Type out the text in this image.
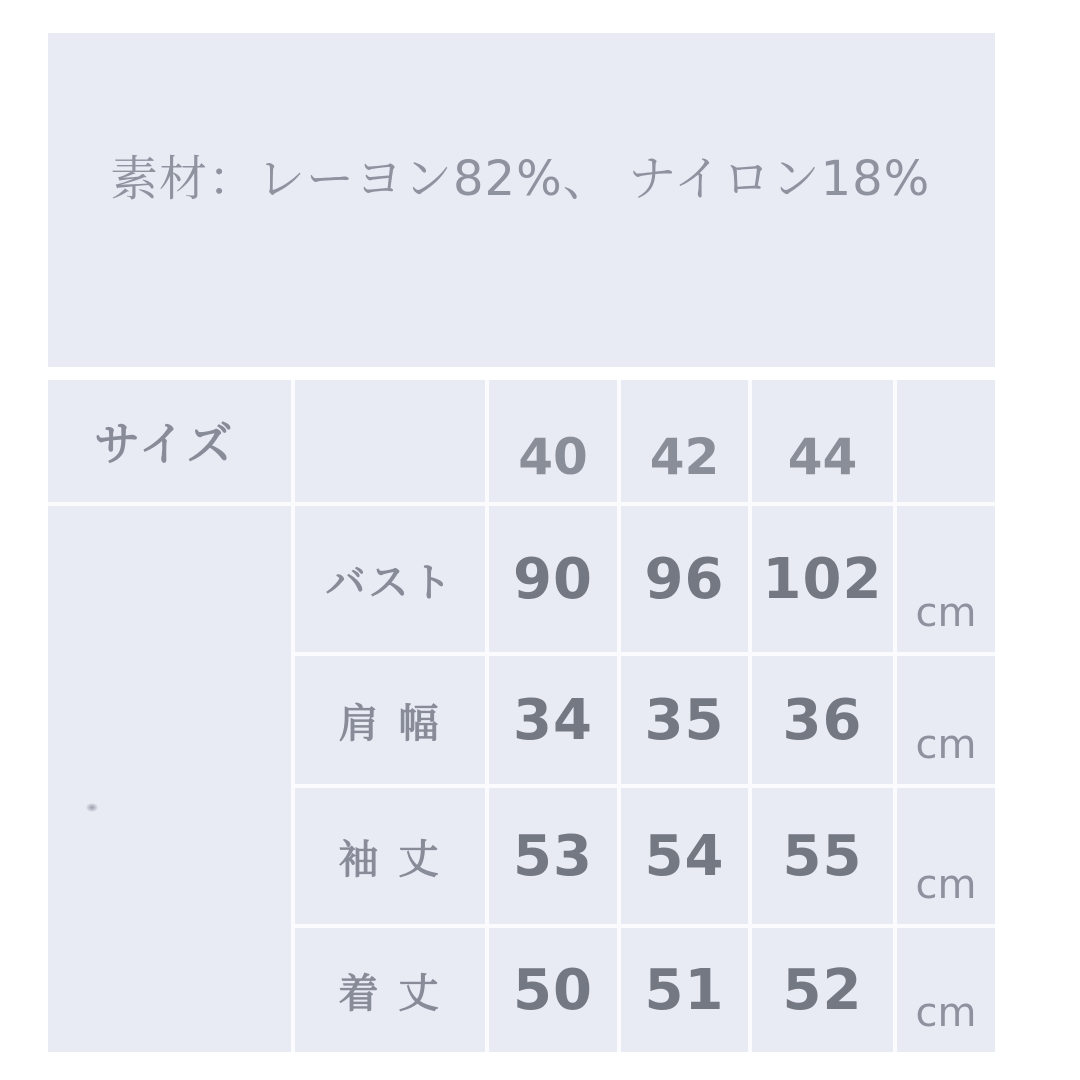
素材：レーヨン82%、 ナイロン18%

サイズ	40 42 44
バスト 90 96 102
cm
肩 幅 34 35 36 cm
袖 丈 53 54 55 cm
着 丈 50 51 52 cm
